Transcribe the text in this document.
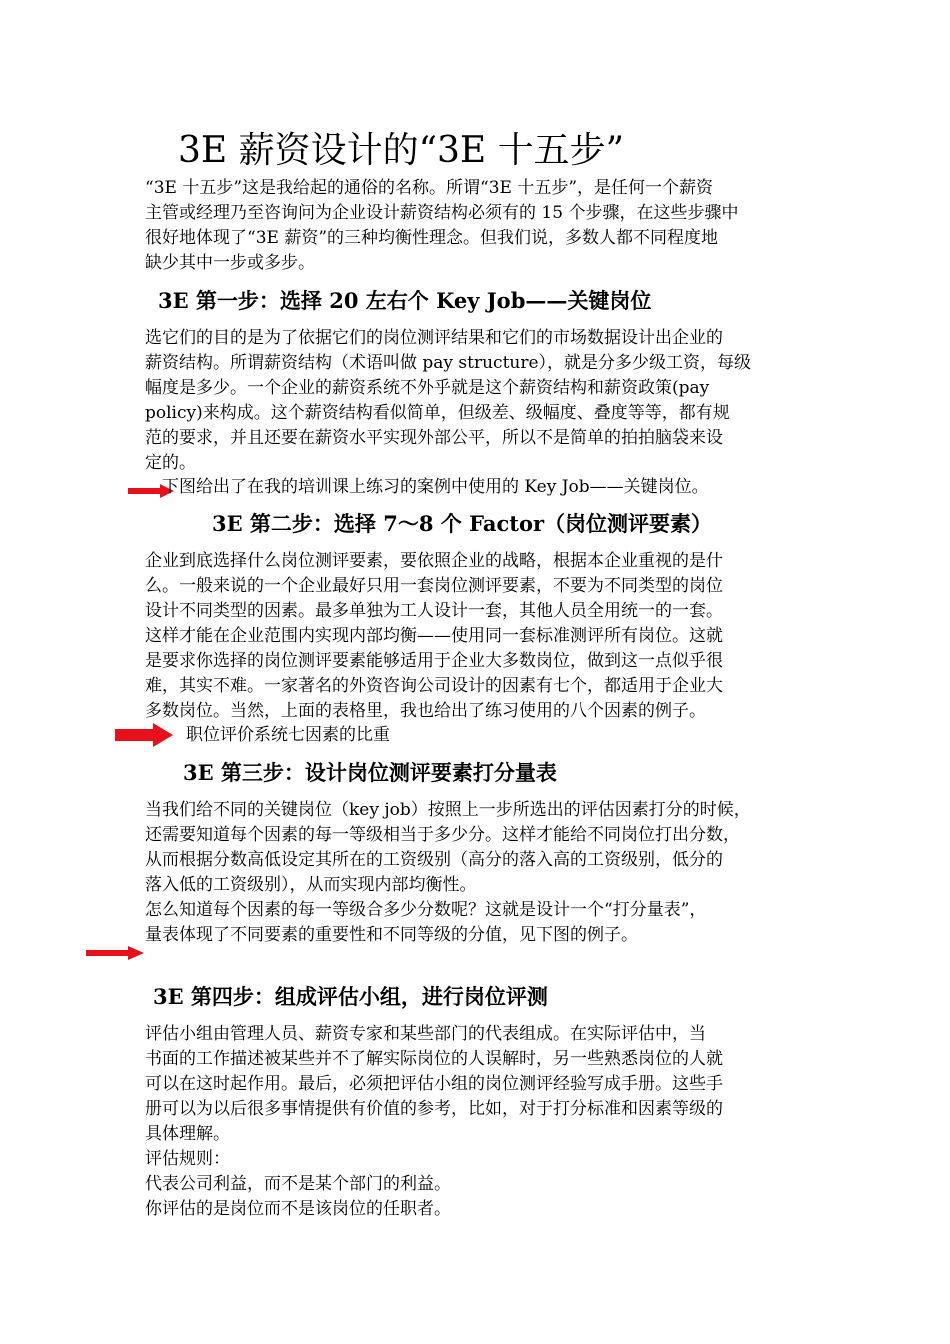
3E 薪资设计的“3E 十五步”
“3E 十五步”这是我给起的通俗的名称。所谓“3E 十五步”，是任何一个薪资
主管或经理乃至咨询问为企业设计薪资结构必须有的 15 个步骤，在这些步骤中
很好地体现了“3E 薪资”的三种均衡性理念。但我们说，多数人都不同程度地
缺少其中一步或多步。
3E 第一步：选择 20 左右个 Key Job——关键岗位
选它们的目的是为了依据它们的岗位测评结果和它们的市场数据设计出企业的
薪资结构。所谓薪资结构（术语叫做 pay structure），就是分多少级工资，每级
幅度是多少。一个企业的薪资系统不外乎就是这个薪资结构和薪资政策(pay
policy)来构成。这个薪资结构看似简单，但级差、级幅度、叠度等等，都有规
范的要求，并且还要在薪资水平实现外部公平，所以不是简单的拍拍脑袋来设
定的。
下图给出了在我的培训课上练习的案例中使用的 Key Job——关键岗位。
3E 第二步：选择 7～8 个 Factor（岗位测评要素）
企业到底选择什么岗位测评要素，要依照企业的战略，根据本企业重视的是什
么。一般来说的一个企业最好只用一套岗位测评要素，不要为不同类型的岗位
设计不同类型的因素。最多单独为工人设计一套，其他人员全用统一的一套。
这样才能在企业范围内实现内部均衡——使用同一套标准测评所有岗位。这就
是要求你选择的岗位测评要素能够适用于企业大多数岗位，做到这一点似乎很
难，其实不难。一家著名的外资咨询公司设计的因素有七个，都适用于企业大
多数岗位。当然，上面的表格里，我也给出了练习使用的八个因素的例子。
职位评价系统七因素的比重
3E 第三步：设计岗位测评要素打分量表
当我们给不同的关键岗位（key job）按照上一步所选出的评估因素打分的时候，
还需要知道每个因素的每一等级相当于多少分。这样才能给不同岗位打出分数，
从而根据分数高低设定其所在的工资级别（高分的落入高的工资级别，低分的
落入低的工资级别），从而实现内部均衡性。
怎么知道每个因素的每一等级合多少分数呢？这就是设计一个“打分量表”，
量表体现了不同要素的重要性和不同等级的分值，见下图的例子。
3E 第四步：组成评估小组，进行岗位评测
评估小组由管理人员、薪资专家和某些部门的代表组成。在实际评估中，当
书面的工作描述被某些并不了解实际岗位的人误解时，另一些熟悉岗位的人就
可以在这时起作用。最后，必须把评估小组的岗位测评经验写成手册。这些手
册可以为以后很多事情提供有价值的参考，比如，对于打分标准和因素等级的
具体理解。
评估规则：
代表公司利益，而不是某个部门的利益。
你评估的是岗位而不是该岗位的任职者。
